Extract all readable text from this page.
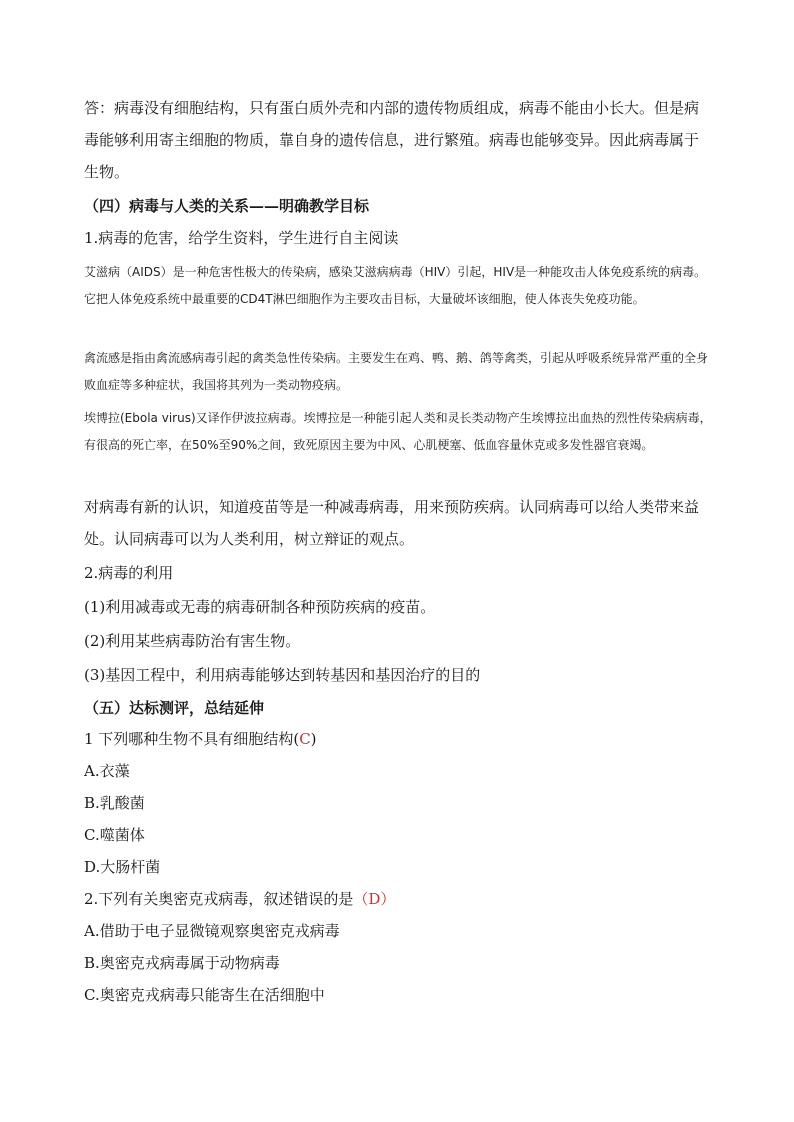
答：病毒没有细胞结构，只有蛋白质外壳和内部的遗传物质组成，病毒不能由小长大。但是病毒能够利用寄主细胞的物质，靠自身的遗传信息，进行繁殖。病毒也能够变异。因此病毒属于生物。

（四）病毒与人类的关系——明确教学目标
1.病毒的危害，给学生资料，学生进行自主阅读

艾滋病（AIDS）是一种危害性极大的传染病，感染艾滋病病毒（HIV）引起，HIV是一种能攻击人体免疫系统的病毒。它把人体免疫系统中最重要的CD4T淋巴细胞作为主要攻击目标，大量破坏该细胞，使人体丧失免疫功能。

禽流感是指由禽流感病毒引起的禽类急性传染病。主要发生在鸡、鸭、鹅、鸽等禽类，引起从呼吸系统异常严重的全身败血症等多种症状，我国将其列为一类动物疫病。

埃博拉(Ebola virus)又译作伊波拉病毒。埃博拉是一种能引起人类和灵长类动物产生埃博拉出血热的烈性传染病病毒，有很高的死亡率，在50%至90%之间，致死原因主要为中风、心肌梗塞、低血容量休克或多发性器官衰竭。

对病毒有新的认识，知道疫苗等是一种减毒病毒，用来预防疾病。认同病毒可以给人类带来益处。认同病毒可以为人类利用，树立辩证的观点。

2.病毒的利用
(1)利用减毒或无毒的病毒研制各种预防疾病的疫苗。
(2)利用某些病毒防治有害生物。
(3)基因工程中，利用病毒能够达到转基因和基因治疗的目的
（五）达标测评，总结延伸
1 下列哪种生物不具有细胞结构(C)
A.衣藻
B.乳酸菌
C.噬菌体
D.大肠杆菌
2.下列有关奥密克戎病毒，叙述错误的是（D）
A.借助于电子显微镜观察奥密克戎病毒
B.奥密克戎病毒属于动物病毒
C.奥密克戎病毒只能寄生在活细胞中
